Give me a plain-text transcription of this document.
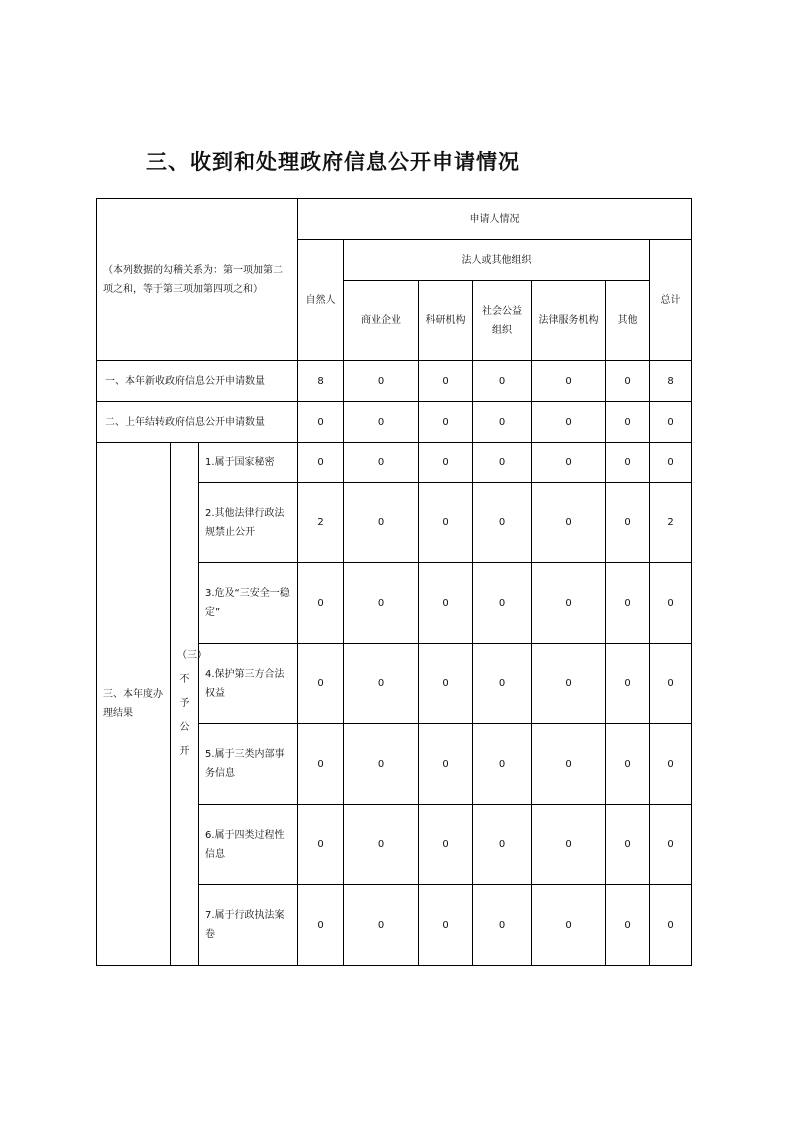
三、收到和处理政府信息公开申请情况
（本列数据的勾稽关系为：第一项加第二项之和，等于第三项加第四项之和）			申请人情况						
			自然人	法人或其他组织					总计
				商业企业	科研机构	社会公益组织	法律服务机构	其他	
一、本年新收政府信息公开申请数量			8	0	0	0	0	0	8
二、上年结转政府信息公开申请数量			0	0	0	0	0	0	0
三、本年度办理结果	（三）不予公开	1.属于国家秘密	0	0	0	0	0	0	0
		2.其他法律行政法规禁止公开	2	0	0	0	0	0	2
		3.危及“三安全一稳定”	0	0	0	0	0	0	0
		4.保护第三方合法权益	0	0	0	0	0	0	0
		5.属于三类内部事务信息	0	0	0	0	0	0	0
		6.属于四类过程性信息	0	0	0	0	0	0	0
		7.属于行政执法案卷	0	0	0	0	0	0	0
